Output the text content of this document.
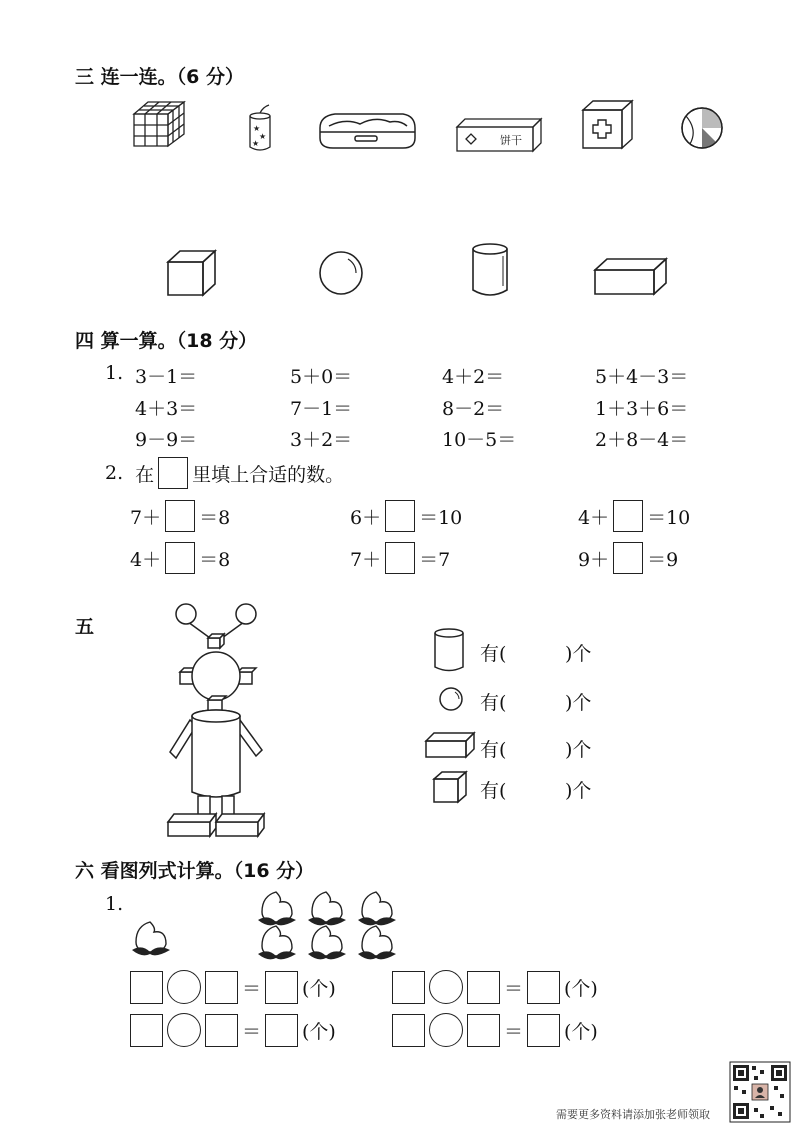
三 连一连。（6 分）
★
★
★	饼干
四 算一算。（18 分）
1. 3－1＝	5＋0＝	4＋2＝	5＋4－3＝
4＋3＝	7－1＝	8－2＝	1＋3＋6＝
9－9＝	3＋2＝	10－5＝	2＋8－4＝
2. 在 里填上合适的数。
7＋ ＝8	6＋ ＝10	4＋ ＝10
4＋ ＝8	7＋ ＝7	9＋ ＝9
五
有(	)个
有(	)个
有(	)个
有(	)个
六 看图列式计算。（16 分）
1.
＝ (个)	＝ (个)
＝ (个)	＝ (个)
需要更多资料请添加张老师领取
